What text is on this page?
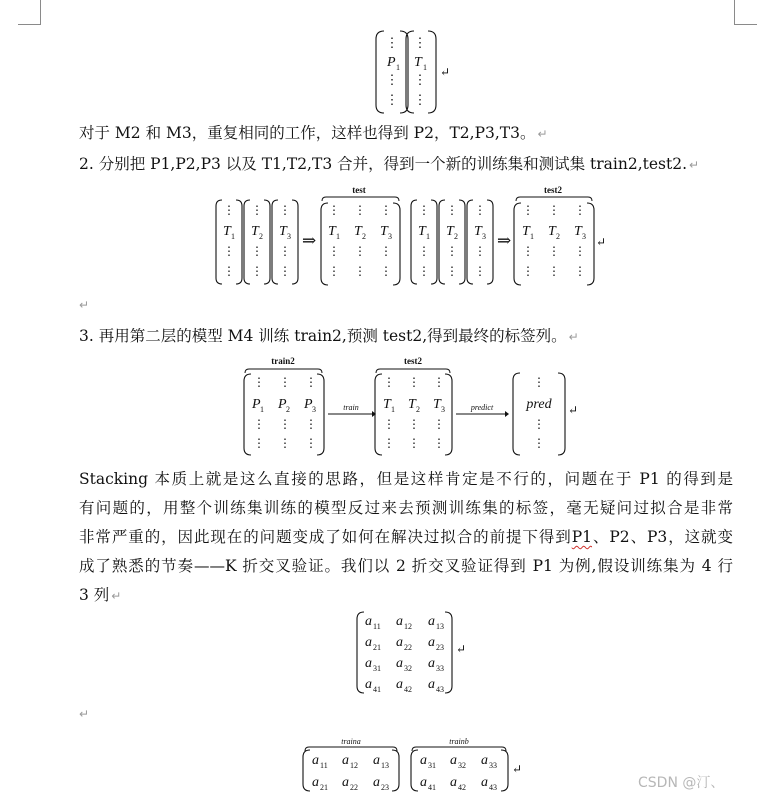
⋮ ⋮
P 1 T 1
⋮ ⋮
⋮ ⋮
↵
⋮ ⋮ ⋮
T 1 T 2 T 3
⋮ ⋮ ⋮
⋮ ⋮ ⋮
⇒
test
⋮ ⋮ ⋮
T 1 T 2 T 3
⋮ ⋮ ⋮
⋮ ⋮ ⋮
⋮ ⋮ ⋮
T 1 T 2 T 3
⋮ ⋮ ⋮
⋮ ⋮ ⋮
⇒
test2
⋮ ⋮ ⋮
T 1 T 2 T 3
⋮ ⋮ ⋮
⋮ ⋮ ⋮
↵
train2
⋮ ⋮ ⋮
P 1 P 2 P 3
⋮ ⋮ ⋮
⋮ ⋮ ⋮
train
test2
⋮ ⋮ ⋮
T 1 T 2 T 3
⋮ ⋮ ⋮
⋮ ⋮ ⋮
predict
⋮
pred
⋮
⋮
↵
a 11 a 12 a 13
a 21 a 22 a 23
a 31 a 32 a 33
a 41 a 42 a 43
↵
traina
a 11 a 12 a 13
a 21 a 22 a 23
trainb
a 31 a 32 a 33
a 41 a 42 a 43
↵
对于 M2 和 M3，重复相同的工作，这样也得到 P2，T2,P3,T3。 ↵
2. 分别把 P1,P2,P3 以及 T1,T2,T3 合并，得到一个新的训练集和测试集 train2,test2. ↵
↵
3. 再用第二层的模型 M4 训练 train2,预测 test2,得到最终的标签列。 ↵
Stacking 本质上就是这么直接的思路，但是这样肯定是不行的，问题在于 P1 的得到是
有问题的，用整个训练集训练的模型反过来去预测训练集的标签，毫无疑问过拟合是非常
非常严重的，因此现在的问题变成了如何在解决过拟合的前提下得到P1、P2、P3，这就变
成了熟悉的节奏——K 折交叉验证。我们以 2 折交叉验证得到 P1 为例,假设训练集为 4 行
3 列 ↵
↵
CSDN @汀、
